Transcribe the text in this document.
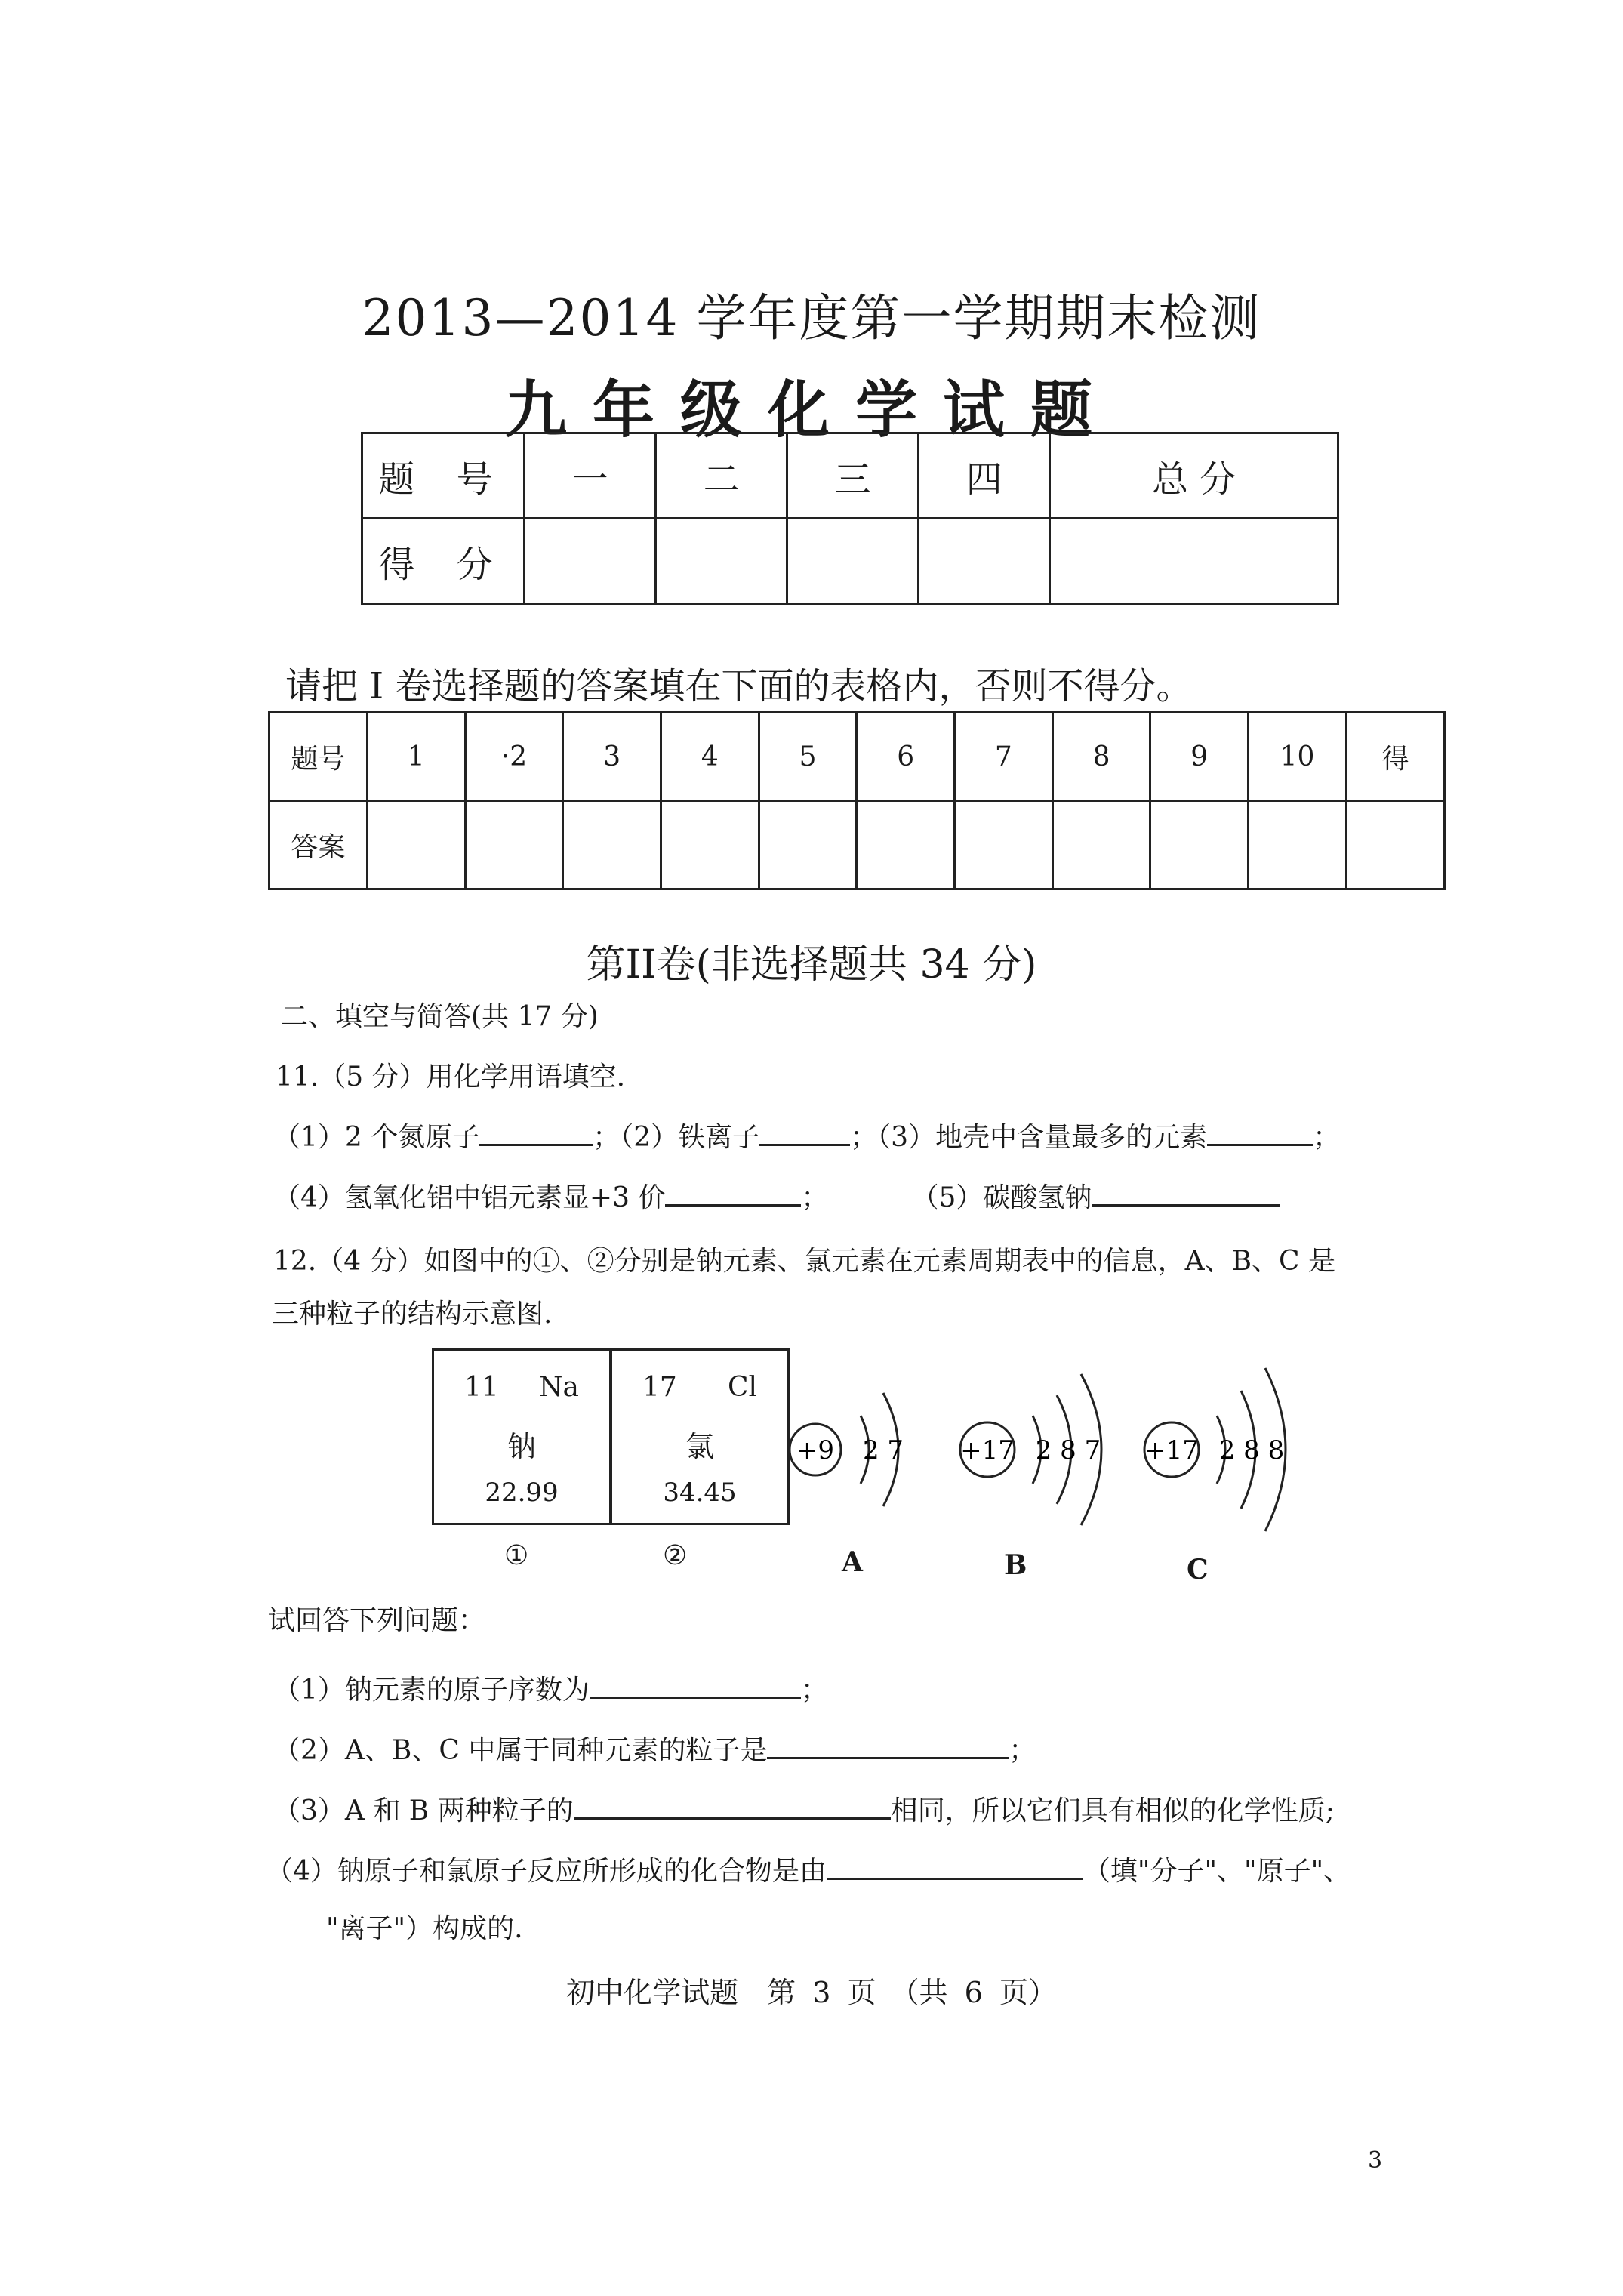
2013—2014 学年度第一学期期末检测
九年级化学试题
题 号	一	二	三	四	总 分
得 分					
请把 I 卷选择题的答案填在下面的表格内，否则不得分。
题号	1	·2	3	4	5	6	7	8	9	10	得
答案											
第II卷(非选择题共 34 分)
二、填空与简答(共 17 分)
11.（5 分）用化学用语填空.
（1）2 个氮原子	；（2）铁离子	；（3）地壳中含量最多的元素	；
（4）氢氧化铝中铝元素显+3 价	；	（5）碳酸氢钠
12.（4 分）如图中的①、②分别是钠元素、氯元素在元素周期表中的信息，A、B、C 是
三种粒子的结构示意图.
11 Na
钠
22.99
①
17 Cl
氯
34.45
②
+9 2 7 +17 2 8 7 +17 2 8 8
A	B	C
试回答下列问题：
（1）钠元素的原子序数为	；
（2）A、B、C 中属于同种元素的粒子是	；
（3）A 和 B 两种粒子的	相同，所以它们具有相似的化学性质;
（4）钠原子和氯原子反应所形成的化合物是由	（填"分子"、"原子"、
"离子"）构成的.
初中化学试题　第 3 页　（共 6 页）
3
